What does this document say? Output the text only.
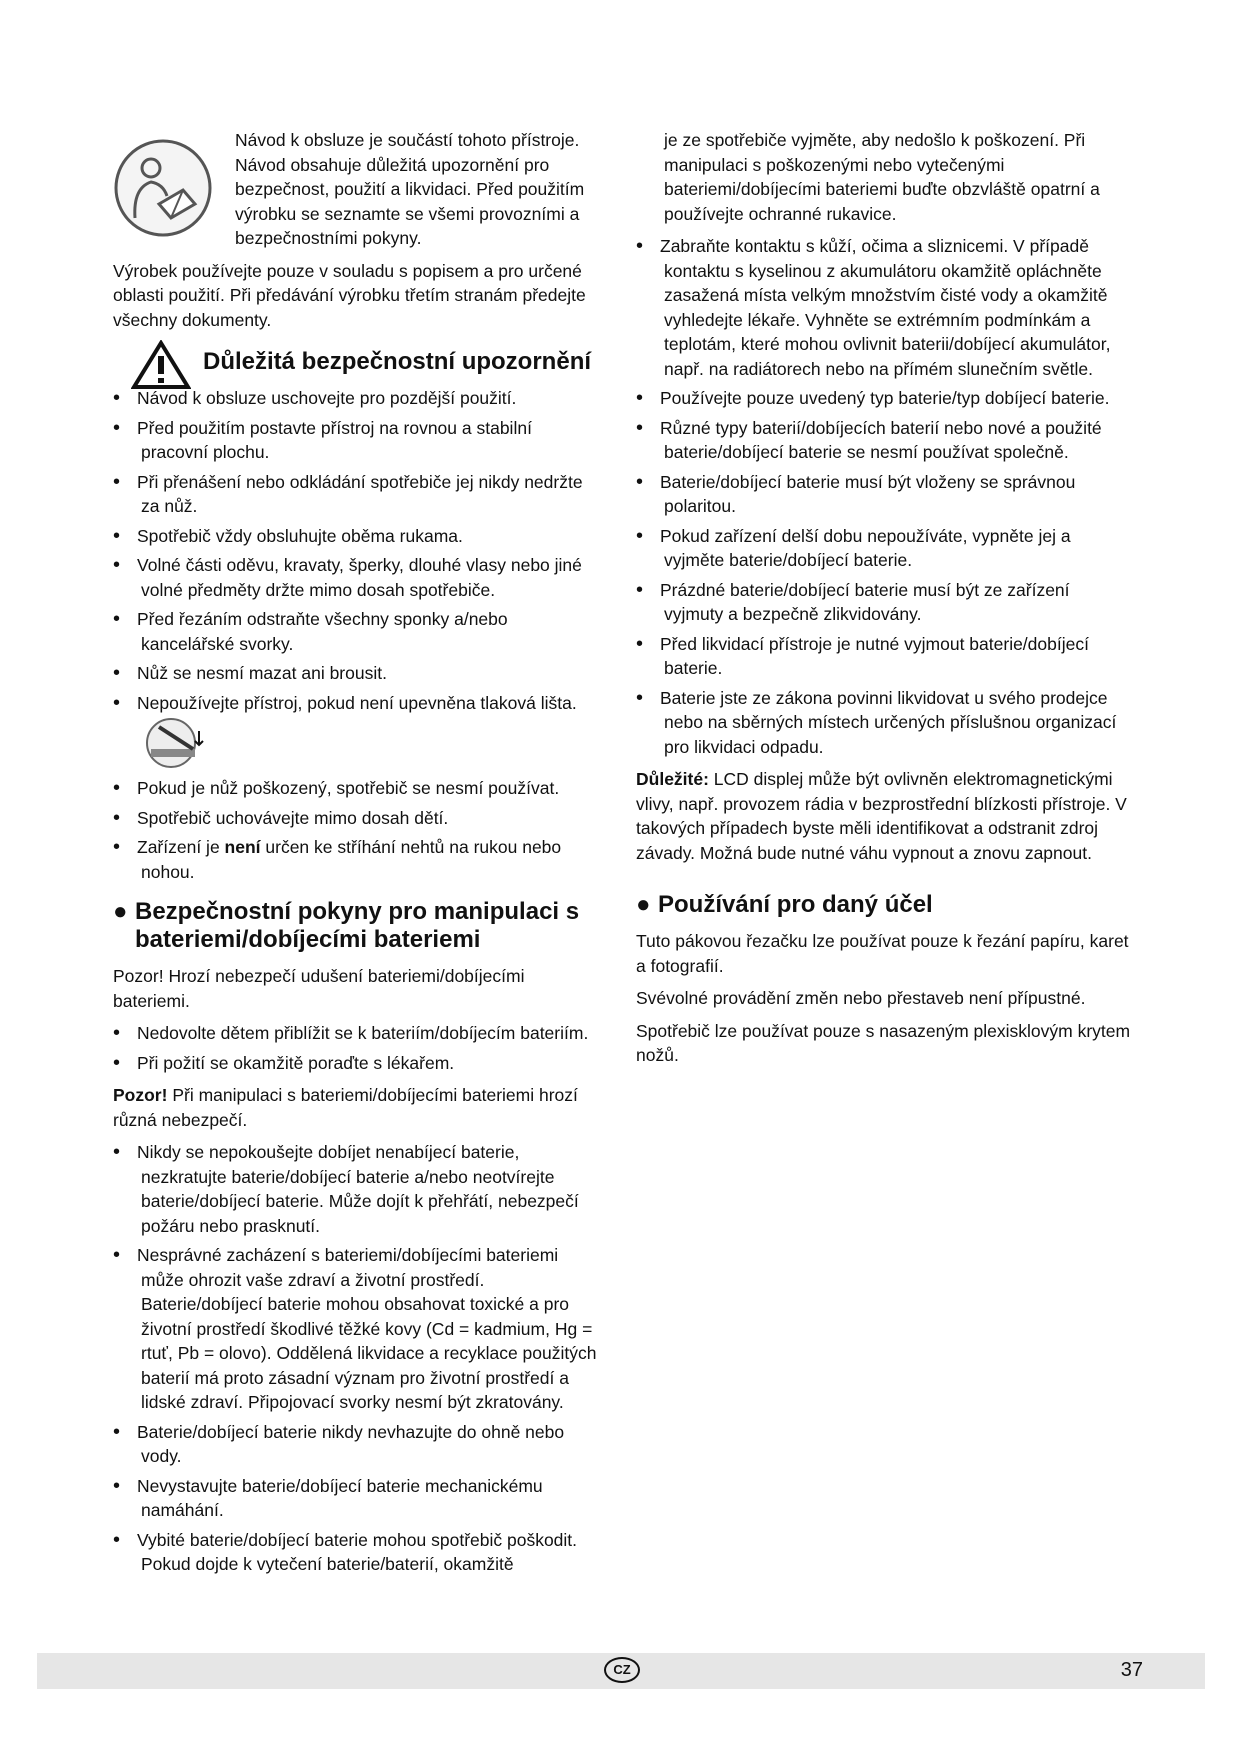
Návod k obsluze je součástí tohoto přístroje. Návod obsahuje důležitá upozornění pro bezpečnost, použití a likvidaci. Před použitím výrobku se seznamte se všemi provozními a bezpečnostními pokyny.

Výrobek používejte pouze v souladu s popisem a pro určené oblasti použití. Při předávání výrobku třetím stranám předejte všechny dokumenty.

Důležitá bezpečnostní upozornění
• Návod k obsluze uschovejte pro pozdější použití.
• Před použitím postavte přístroj na rovnou a stabilní pracovní plochu.
• Při přenášení nebo odkládání spotřebiče jej nikdy nedržte za nůž.
• Spotřebič vždy obsluhujte oběma rukama.
• Volné části oděvu, kravaty, šperky, dlouhé vlasy nebo jiné volné předměty držte mimo dosah spotřebiče.
• Před řezáním odstraňte všechny sponky a/nebo kancelářské svorky.
• Nůž se nesmí mazat ani brousit.
• Nepoužívejte přístroj, pokud není upevněna tlaková lišta.

• Pokud je nůž poškozený, spotřebič se nesmí používat.
• Spotřebič uchovávejte mimo dosah dětí.
• Zařízení je není určen ke stříhání nehtů na rukou nebo nohou.
● Bezpečnostní pokyny pro manipulaci s bateriemi/dobíjecími bateriemi

Pozor! Hrozí nebezpečí udušení bateriemi/dobíjecími bateriemi.

• Nedovolte dětem přiblížit se k bateriím/dobíjecím bateriím.
• Při požití se okamžitě poraďte s lékařem.

Pozor! Při manipulaci s bateriemi/dobíjecími bateriemi hrozí různá nebezpečí.

• Nikdy se nepokoušejte dobíjet nenabíjecí baterie, nezkratujte baterie/dobíjecí baterie a/nebo neotvírejte baterie/dobíjecí baterie. Může dojít k přehřátí, nebezpečí požáru nebo prasknutí.
• Nesprávné zacházení s bateriemi/dobíjecími bateriemi může ohrozit vaše zdraví a životní prostředí. Baterie/dobíjecí baterie mohou obsahovat toxické a pro životní prostředí škodlivé těžké kovy (Cd = kadmium, Hg = rtuť, Pb = olovo). Oddělená likvidace a recyklace použitých baterií má proto zásadní význam pro životní prostředí a lidské zdraví. Připojovací svorky nesmí být zkratovány.
• Baterie/dobíjecí baterie nikdy nevhazujte do ohně nebo vody.
• Nevystavujte baterie/dobíjecí baterie mechanickému namáhání.
• Vybité baterie/dobíjecí baterie mohou spotřebič poškodit. Pokud dojde k vytečení baterie/baterií, okamžitě

je ze spotřebiče vyjměte, aby nedošlo k poškození. Při manipulaci s poškozenými nebo vytečenými bateriemi/dobíjecími bateriemi buďte obzvláště opatrní a používejte ochranné rukavice.

• Zabraňte kontaktu s kůží, očima a sliznicemi. V případě kontaktu s kyselinou z akumulátoru okamžitě opláchněte zasažená místa velkým množstvím čisté vody a okamžitě vyhledejte lékaře. Vyhněte se extrémním podmínkám a teplotám, které mohou ovlivnit baterii/dobíjecí akumulátor, např. na radiátorech nebo na přímém slunečním světle.
• Používejte pouze uvedený typ baterie/typ dobíjecí baterie.
• Různé typy baterií/dobíjecích baterií nebo nové a použité baterie/dobíjecí baterie se nesmí používat společně.
• Baterie/dobíjecí baterie musí být vloženy se správnou polaritou.
• Pokud zařízení delší dobu nepoužíváte, vypněte jej a vyjměte baterie/dobíjecí baterie.
• Prázdné baterie/dobíjecí baterie musí být ze zařízení vyjmuty a bezpečně zlikvidovány.
• Před likvidací přístroje je nutné vyjmout baterie/dobíjecí baterie.
• Baterie jste ze zákona povinni likvidovat u svého prodejce nebo na sběrných místech určených příslušnou organizací pro likvidaci odpadu.

Důležité: LCD displej může být ovlivněn elektromagnetickými vlivy, např. provozem rádia v bezprostřední blízkosti přístroje. V takových případech byste měli identifikovat a odstranit zdroj závady. Možná bude nutné váhu vypnout a znovu zapnout.

● Používání pro daný účel

Tuto pákovou řezačku lze používat pouze k řezání papíru, karet a fotografií.

Svévolné provádění změn nebo přestaveb není přípustné.

Spotřebič lze používat pouze s nasazeným plexisklovým krytem nožů.

CZ	37
